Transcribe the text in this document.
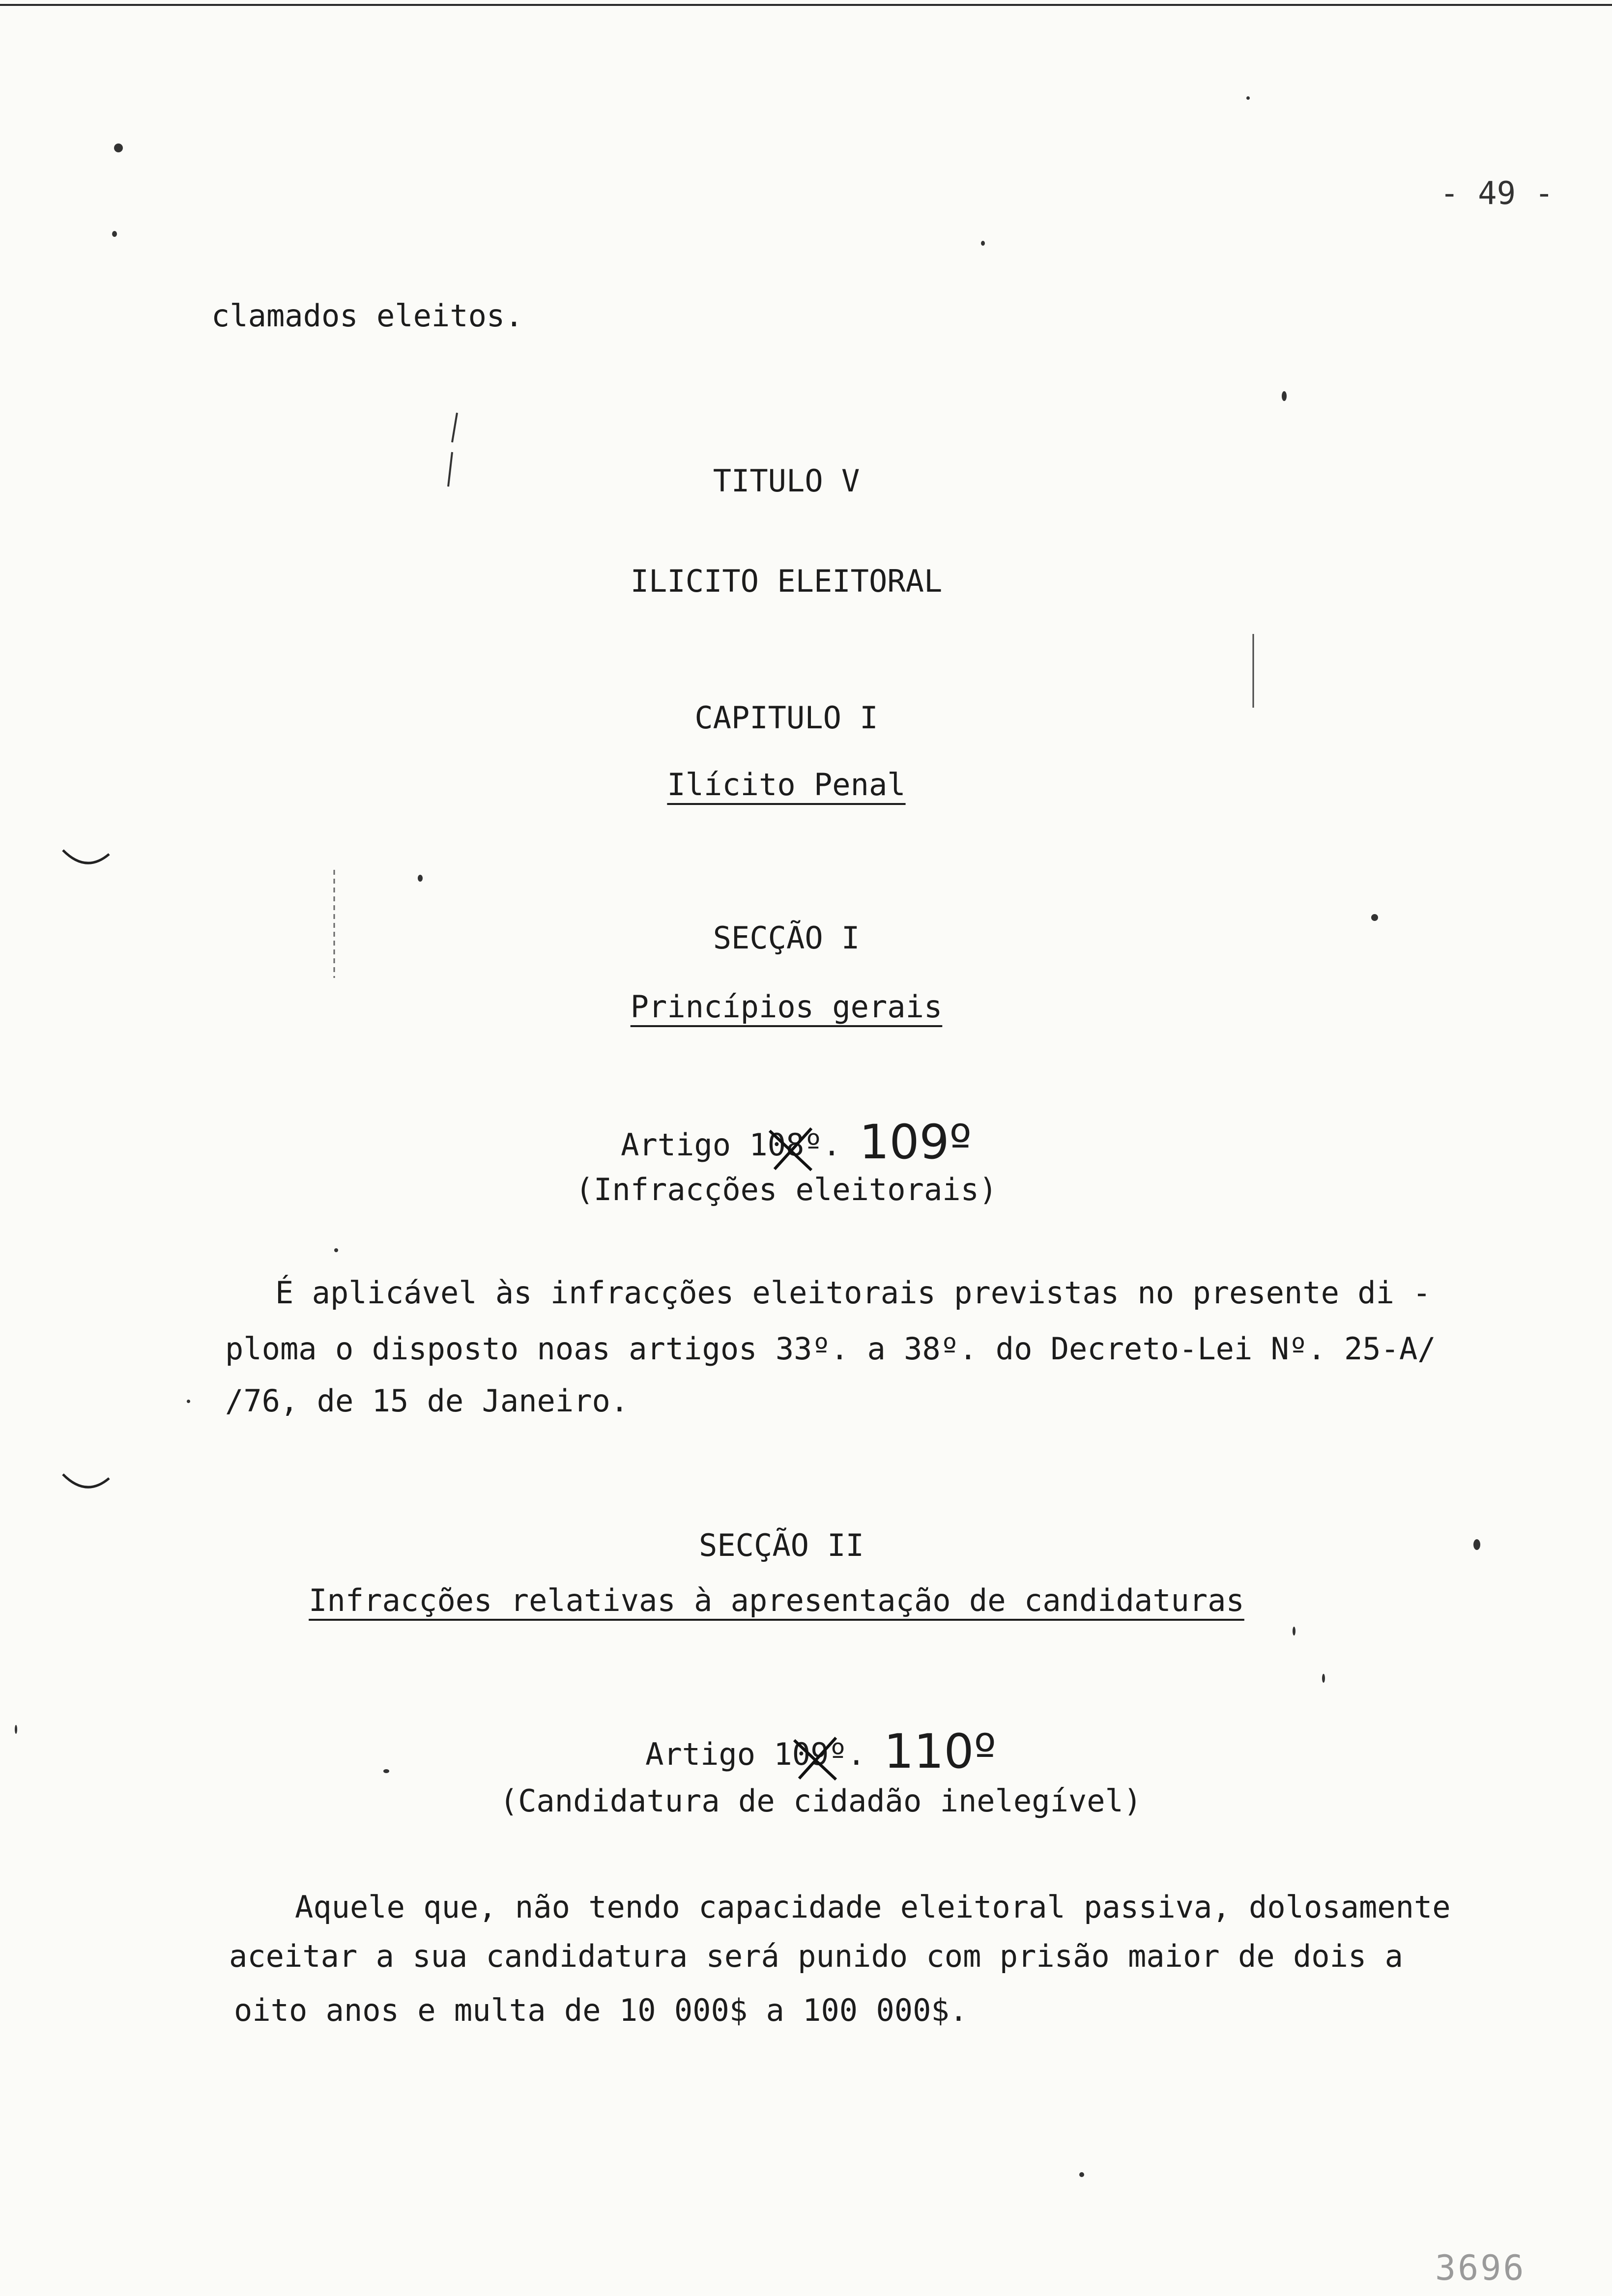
- 49 -
clamados eleitos.
TITULO V
ILICITO ELEITORAL
CAPITULO I
Ilícito Penal
SECÇÃO I
Princípios gerais
Artigo 108
º. 109º
(Infracções eleitorais)
É aplicável às infracções eleitorais previstas no presente di -
ploma o disposto noas artigos 33º. a 38º. do Decreto-Lei Nº. 25-A/
/76, de 15 de Janeiro.
SECÇÃO II
Infracções relativas à apresentação de candidaturas
Artigo 109
º. 110º
(Candidatura de cidadão inelegível)
Aquele que, não tendo capacidade eleitoral passiva, dolosamente
aceitar a sua candidatura será punido com prisão maior de dois a
oito anos e multa de 10 000$ a 100 000$.
3696
